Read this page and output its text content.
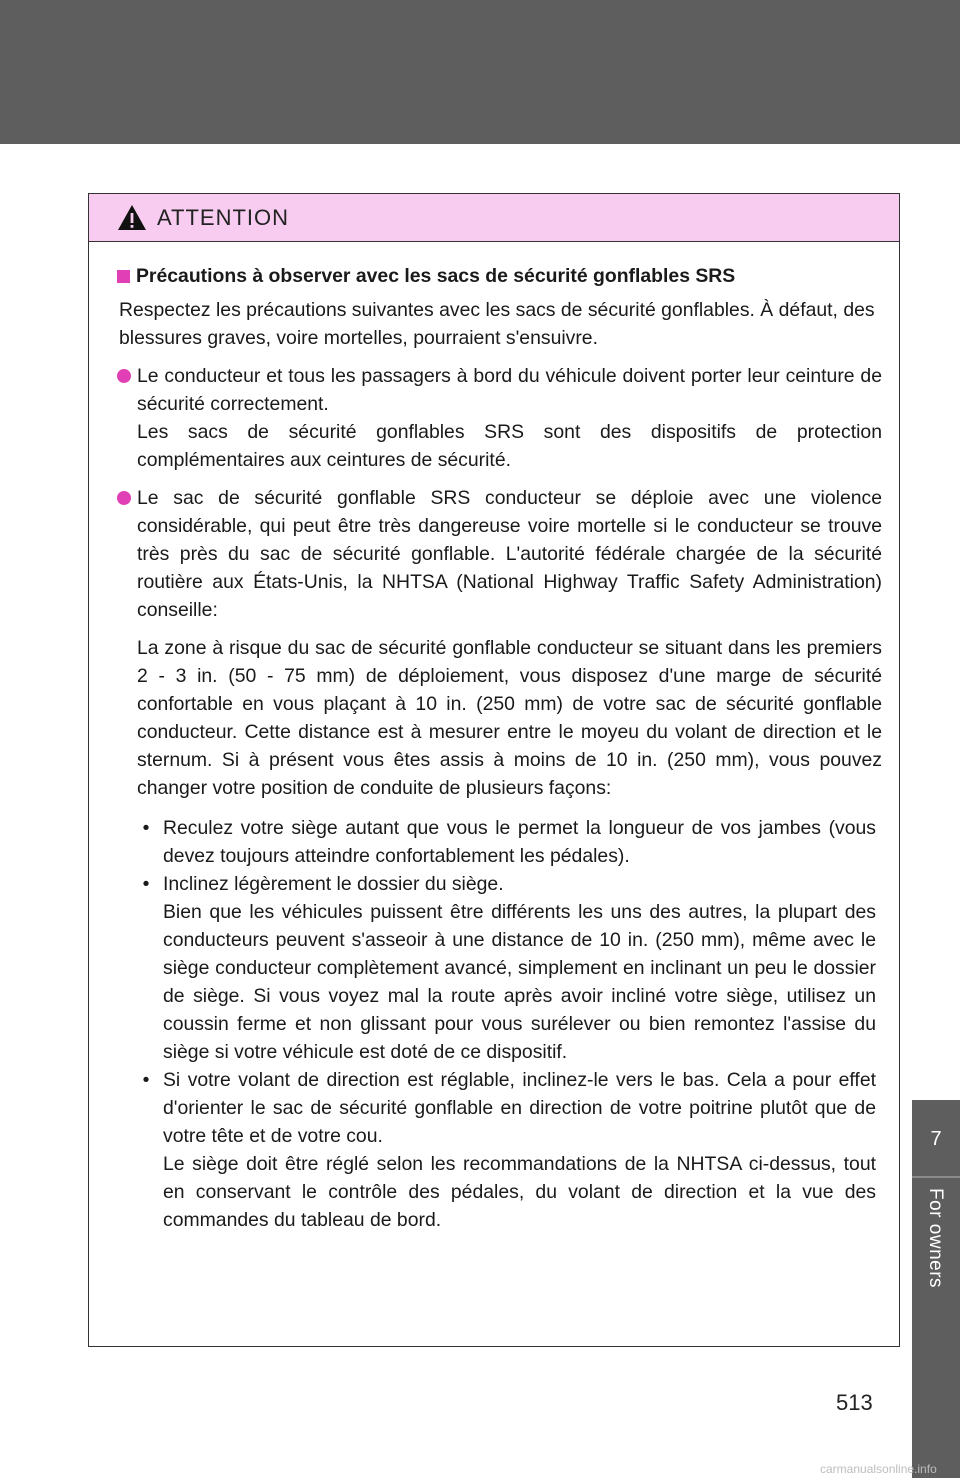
7
For owners
ATTENTION
Précautions à observer avec les sacs de sécurité gonflables SRS
Respectez les précautions suivantes avec les sacs de sécurité gonflables. À défaut, des blessures graves, voire mortelles, pourraient s'ensuivre.
Le conducteur et tous les passagers à bord du véhicule doivent porter leur ceinture de sécurité correctement.
Les sacs de sécurité gonflables SRS sont des dispositifs de protection complémentaires aux ceintures de sécurité.
Le sac de sécurité gonflable SRS conducteur se déploie avec une violence considérable, qui peut être très dangereuse voire mortelle si le conducteur se trouve très près du sac de sécurité gonflable. L'autorité fédérale chargée de la sécurité routière aux États-Unis, la NHTSA (National Highway Traffic Safety Administration) conseille:
La zone à risque du sac de sécurité gonflable conducteur se situant dans les premiers 2 - 3 in. (50 - 75 mm) de déploiement, vous disposez d'une marge de sécurité confortable en vous plaçant à 10 in. (250 mm) de votre sac de sécurité gonflable conducteur. Cette distance est à mesurer entre le moyeu du volant de direction et le sternum. Si à présent vous êtes assis à moins de 10 in. (250 mm), vous pouvez changer votre position de conduite de plusieurs façons:
• Reculez votre siège autant que vous le permet la longueur de vos jambes (vous devez toujours atteindre confortablement les pédales).
• Inclinez légèrement le dossier du siège.
Bien que les véhicules puissent être différents les uns des autres, la plupart des conducteurs peuvent s'asseoir à une distance de 10 in. (250 mm), même avec le siège conducteur complètement avancé, simplement en inclinant un peu le dossier de siège. Si vous voyez mal la route après avoir incliné votre siège, utilisez un coussin ferme et non glissant pour vous surélever ou bien remontez l'assise du siège si votre véhicule est doté de ce dispositif.
• Si votre volant de direction est réglable, inclinez-le vers le bas. Cela a pour effet d'orienter le sac de sécurité gonflable en direction de votre poitrine plutôt que de votre tête et de votre cou.
Le siège doit être réglé selon les recommandations de la NHTSA ci-dessus, tout en conservant le contrôle des pédales, du volant de direction et la vue des commandes du tableau de bord.
513
carmanualsonline.info
